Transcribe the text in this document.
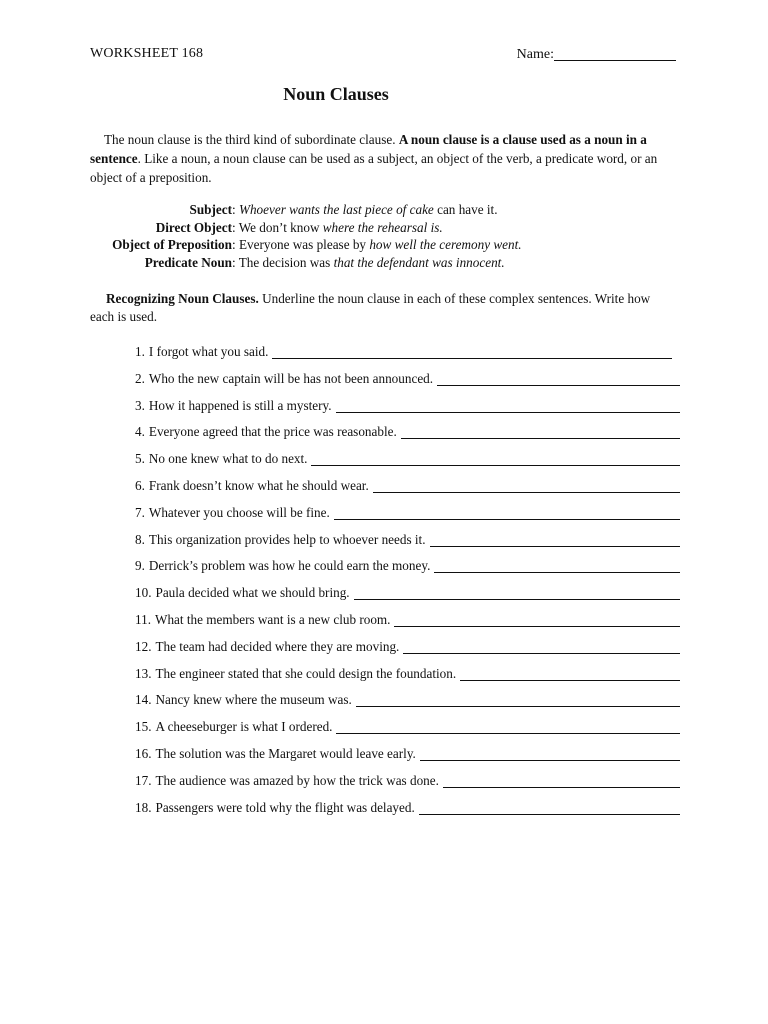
WORKSHEET 168	Name:
Noun Clauses

The noun clause is the third kind of subordinate clause. A noun clause is a clause used as a noun in a sentence. Like a noun, a noun clause can be used as a subject, an object of the verb, a predicate word, or an object of a preposition.

Subject : Whoever wants the last piece of cake can have it.
Direct Object : We don’t know where the rehearsal is.
Object of Preposition : Everyone was please by how well the ceremony went.
Predicate Noun : The decision was that the defendant was innocent.

Recognizing Noun Clauses. Underline the noun clause in each of these complex sentences. Write how each is used.

1. I forgot what you said.
2. Who the new captain will be has not been announced.
3. How it happened is still a mystery.
4. Everyone agreed that the price was reasonable.
5. No one knew what to do next.
6. Frank doesn’t know what he should wear.
7. Whatever you choose will be fine.
8. This organization provides help to whoever needs it.
9. Derrick’s problem was how he could earn the money.
10. Paula decided what we should bring.
11. What the members want is a new club room.
12. The team had decided where they are moving.
13. The engineer stated that she could design the foundation.
14. Nancy knew where the museum was.
15. A cheeseburger is what I ordered.
16. The solution was the Margaret would leave early.
17. The audience was amazed by how the trick was done.
18. Passengers were told why the flight was delayed.
